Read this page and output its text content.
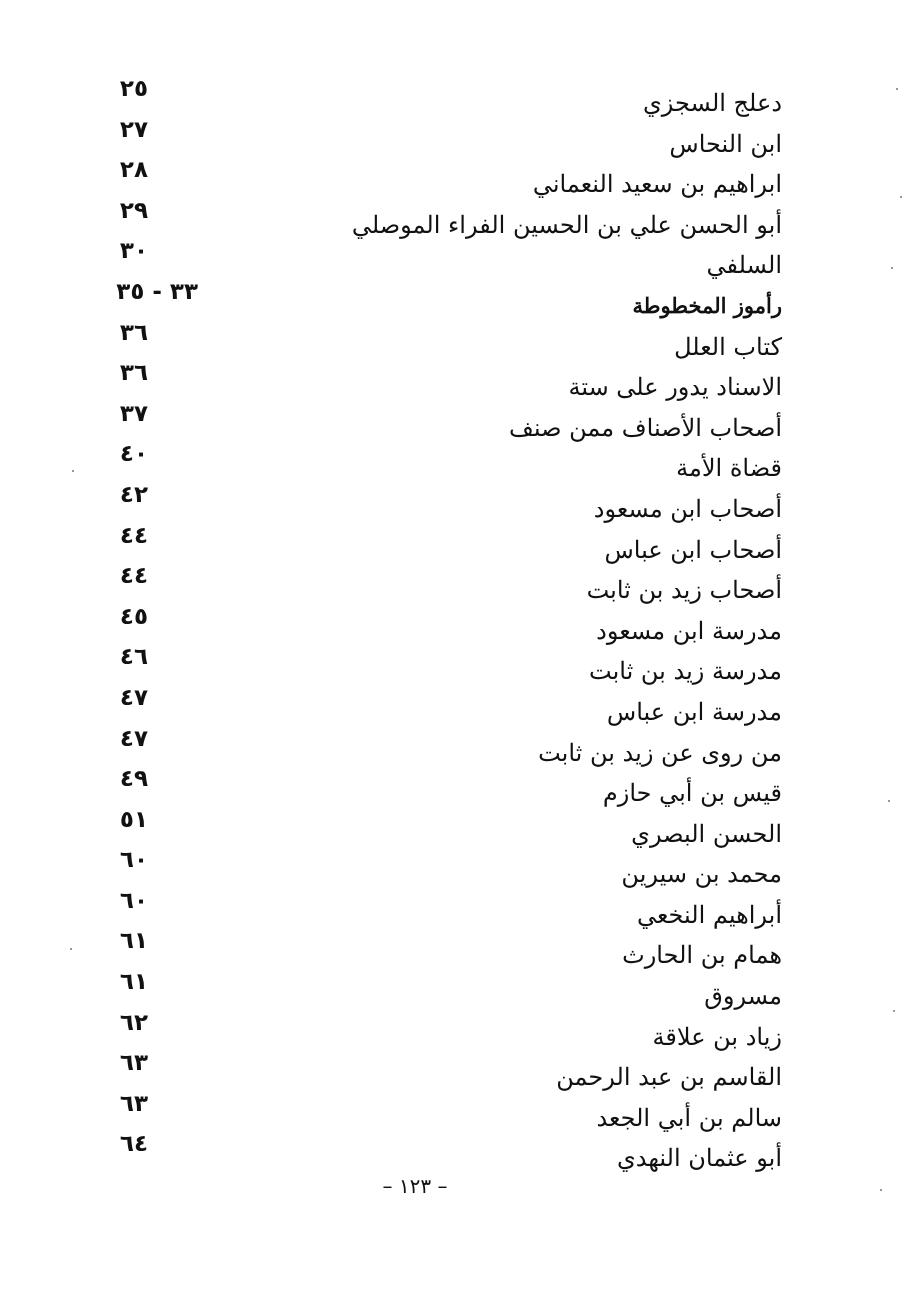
دعلج السجزي
٢٥
ابن النحاس
٢٧
ابراهيم بن سعيد النعماني
٢٨
أبو الحسن علي بن الحسين الفراء الموصلي
٢٩
السلفي
٣٠
رأموز المخطوطة
٣٣ - ٣٥
كتاب العلل
٣٦
الاسناد يدور على ستة
٣٦
أصحاب الأصناف ممن صنف
٣٧
قضاة الأمة
٤٠
أصحاب ابن مسعود
٤٢
أصحاب ابن عباس
٤٤
أصحاب زيد بن ثابت
٤٤
مدرسة ابن مسعود
٤٥
مدرسة زيد بن ثابت
٤٦
مدرسة ابن عباس
٤٧
من روى عن زيد بن ثابت
٤٧
قيس بن أبي حازم
٤٩
الحسن البصري
٥١
محمد بن سيرين
٦٠
أبراهيم النخعي
٦٠
همام بن الحارث
٦١
مسروق
٦١
زياد بن علاقة
٦٢
القاسم بن عبد الرحمن
٦٣
سالم بن أبي الجعد
٦٣
أبو عثمان النهدي
٦٤
– ١٢٣ –
